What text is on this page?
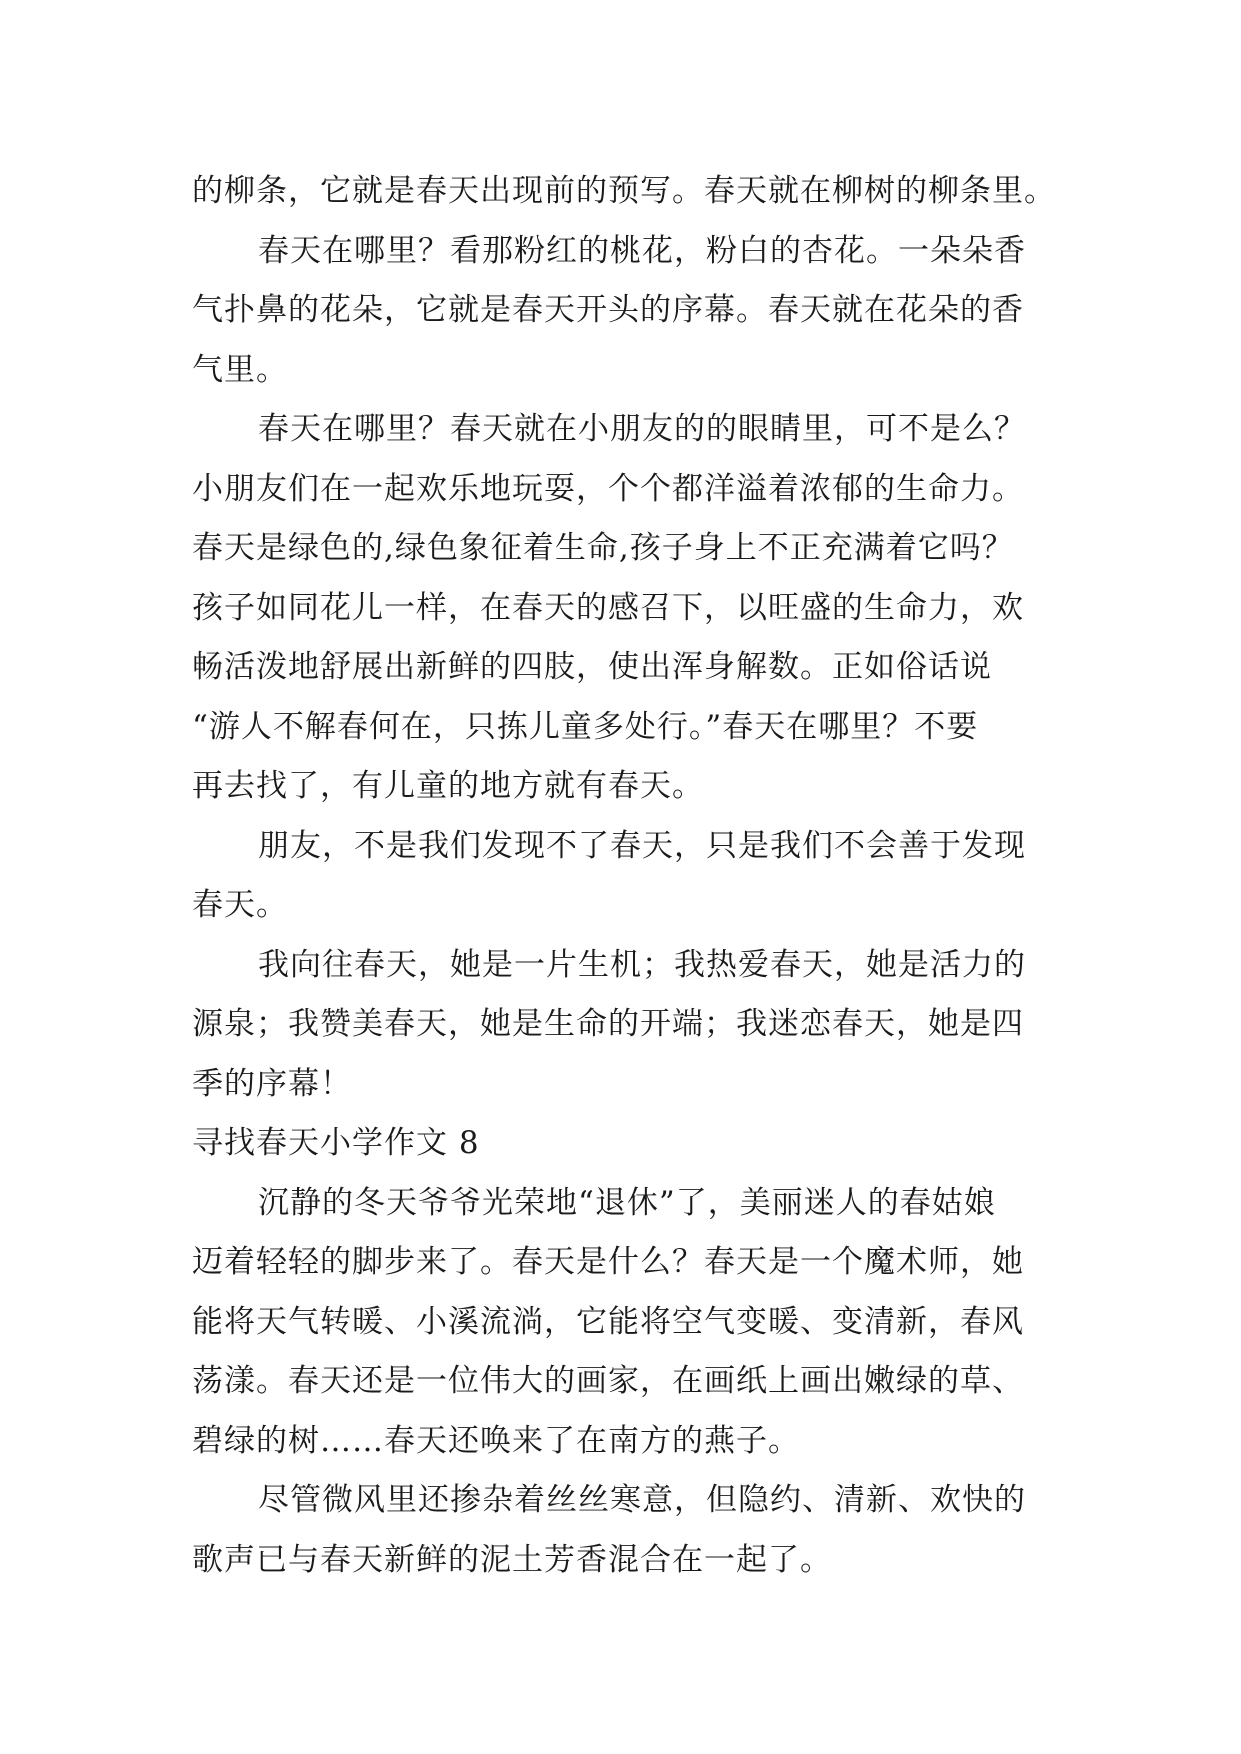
的柳条，它就是春天出现前的预写。春天就在柳树的柳条里。
春天在哪里？看那粉红的桃花，粉白的杏花。一朵朵香
气扑鼻的花朵，它就是春天开头的序幕。春天就在花朵的香
气里。
春天在哪里？春天就在小朋友的的眼睛里，可不是么？
小朋友们在一起欢乐地玩耍，个个都洋溢着浓郁的生命力。
春天是绿色的,绿色象征着生命,孩子身上不正充满着它吗？
孩子如同花儿一样，在春天的感召下，以旺盛的生命力，欢
畅活泼地舒展出新鲜的四肢，使出浑身解数。正如俗话说
“游人不解春何在，只拣儿童多处行。”春天在哪里？不要
再去找了，有儿童的地方就有春天。
朋友，不是我们发现不了春天，只是我们不会善于发现
春天。
我向往春天，她是一片生机；我热爱春天，她是活力的
源泉；我赞美春天，她是生命的开端；我迷恋春天，她是四
季的序幕！
寻找春天小学作文 8
沉静的冬天爷爷光荣地“退休”了，美丽迷人的春姑娘
迈着轻轻的脚步来了。春天是什么？春天是一个魔术师，她
能将天气转暖、小溪流淌，它能将空气变暖、变清新，春风
荡漾。春天还是一位伟大的画家，在画纸上画出嫩绿的草、
碧绿的树……春天还唤来了在南方的燕子。
尽管微风里还掺杂着丝丝寒意，但隐约、清新、欢快的
歌声已与春天新鲜的泥土芳香混合在一起了。
